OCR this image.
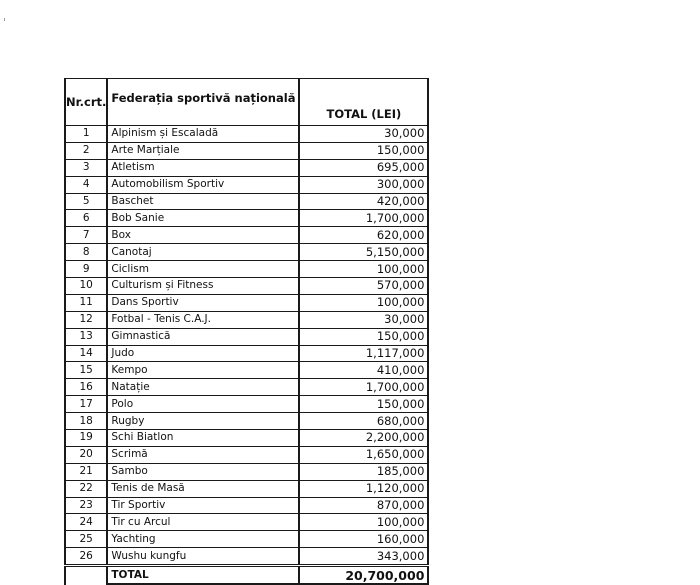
Nr.crt.	Federația sportivă națională	TOTAL (LEI)
1	Alpinism și Escaladă	30,000
2	Arte Marțiale	150,000
3	Atletism	695,000
4	Automobilism Sportiv	300,000
5	Baschet	420,000
6	Bob Sanie	1,700,000
7	Box	620,000
8	Canotaj	5,150,000
9	Ciclism	100,000
10	Culturism și Fitness	570,000
11	Dans Sportiv	100,000
12	Fotbal - Tenis C.A.J.	30,000
13	Gimnastică	150,000
14	Judo	1,117,000
15	Kempo	410,000
16	Natație	1,700,000
17	Polo	150,000
18	Rugby	680,000
19	Schi Biatlon	2,200,000
20	Scrimă	1,650,000
21	Sambo	185,000
22	Tenis de Masă	1,120,000
23	Tir Sportiv	870,000
24	Tir cu Arcul	100,000
25	Yachting	160,000
26	Wushu kungfu	343,000
	TOTAL	20,700,000
